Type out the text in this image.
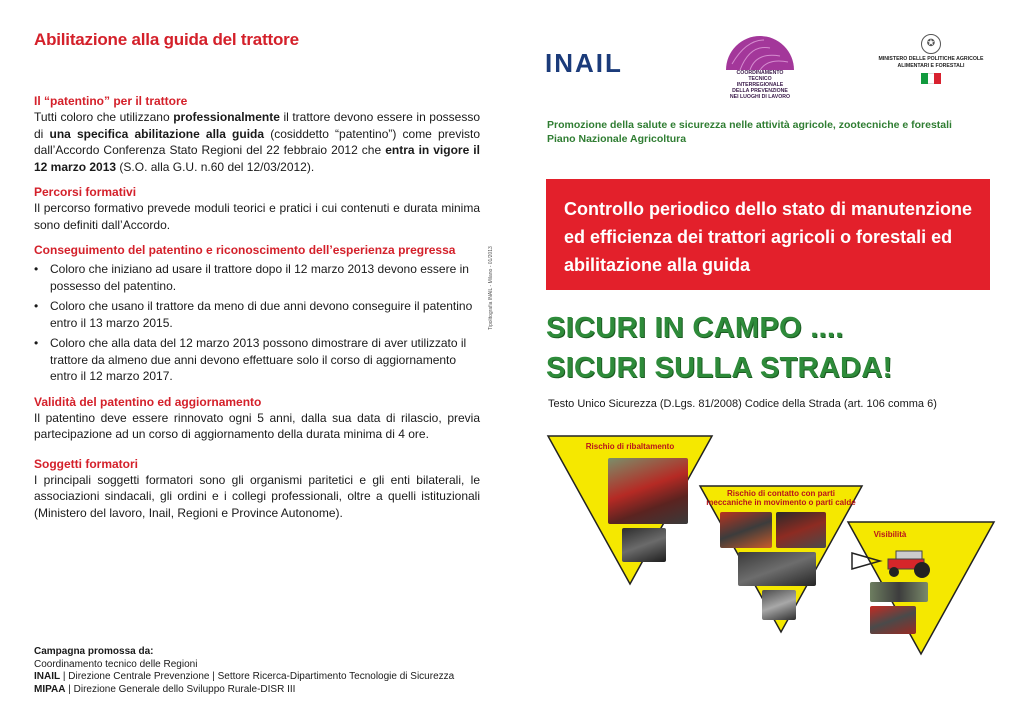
Abilitazione alla guida del trattore
Il “patentino” per il trattore

Tutti coloro che utilizzano professionalmente il trattore devono essere in possesso di una specifica abilitazione alla guida (cosiddetto “patentino”) come previsto dall’Accordo Conferenza Stato Regioni del 22 febbraio 2012 che entra in vigore il 12 marzo 2013 (S.O. alla G.U. n.60 del 12/03/2012).

Percorsi formativi

Il percorso formativo prevede moduli teorici e pratici i cui contenuti e durata minima sono definiti dall’Accordo.

Conseguimento del patentino e riconoscimento dell’esperienza pregressa
• Coloro che iniziano ad usare il trattore dopo il 12 marzo 2013 devono essere in possesso del patentino.
• Coloro che usano il trattore da meno di due anni devono conseguire il patentino entro il 13 marzo 2015.
• Coloro che alla data del 12 marzo 2013 possono dimostrare di aver utilizzato il trattore da almeno due anni devono effettuare solo il corso di aggiornamento entro il 12 marzo 2017.
Validità del patentino ed aggiornamento

Il patentino deve essere rinnovato ogni 5 anni, dalla sua data di rilascio, previa partecipazione ad un corso di aggiornamento della durata minima di 4 ore.

Soggetti formatori

I principali soggetti formatori sono gli organismi paritetici e gli enti bilaterali, le associazioni sindacali, gli ordini e i collegi professionali, oltre a quelli istituzionali (Ministero del lavoro, Inail, Regioni e Province Autonome).

Campagna promossa da:
Coordinamento tecnico delle Regioni
INAIL | Direzione Centrale Prevenzione | Settore Ricerca-Dipartimento Tecnologie di Sicurezza
MIPAA | Direzione Generale dello Sviluppo Rurale-DISR III
Tipolitografia INAIL - Milano - 01/2013
INAIL	COORDINAMENTO
TECNICO
INTERREGIONALE
DELLA PREVENZIONE
NEI LUOGHI DI LAVORO
✪
MINISTERO DELLE POLITICHE AGRICOLE ALIMENTARI E FORESTALI
Promozione della salute e sicurezza nelle attività agricole, zootecniche e forestali
Piano Nazionale Agricoltura

Controllo periodico dello stato di manutenzione ed efficienza dei trattori agricoli o forestali ed abilitazione alla guida

SICURI IN CAMPO ....
SICURI SULLA STRADA!
Testo Unico Sicurezza (D.Lgs. 81/2008) Codice della Strada (art. 106 comma 6)
Rischio di ribaltamento
Rischio di contatto con parti meccaniche in movimento o parti calde
Visibilità
